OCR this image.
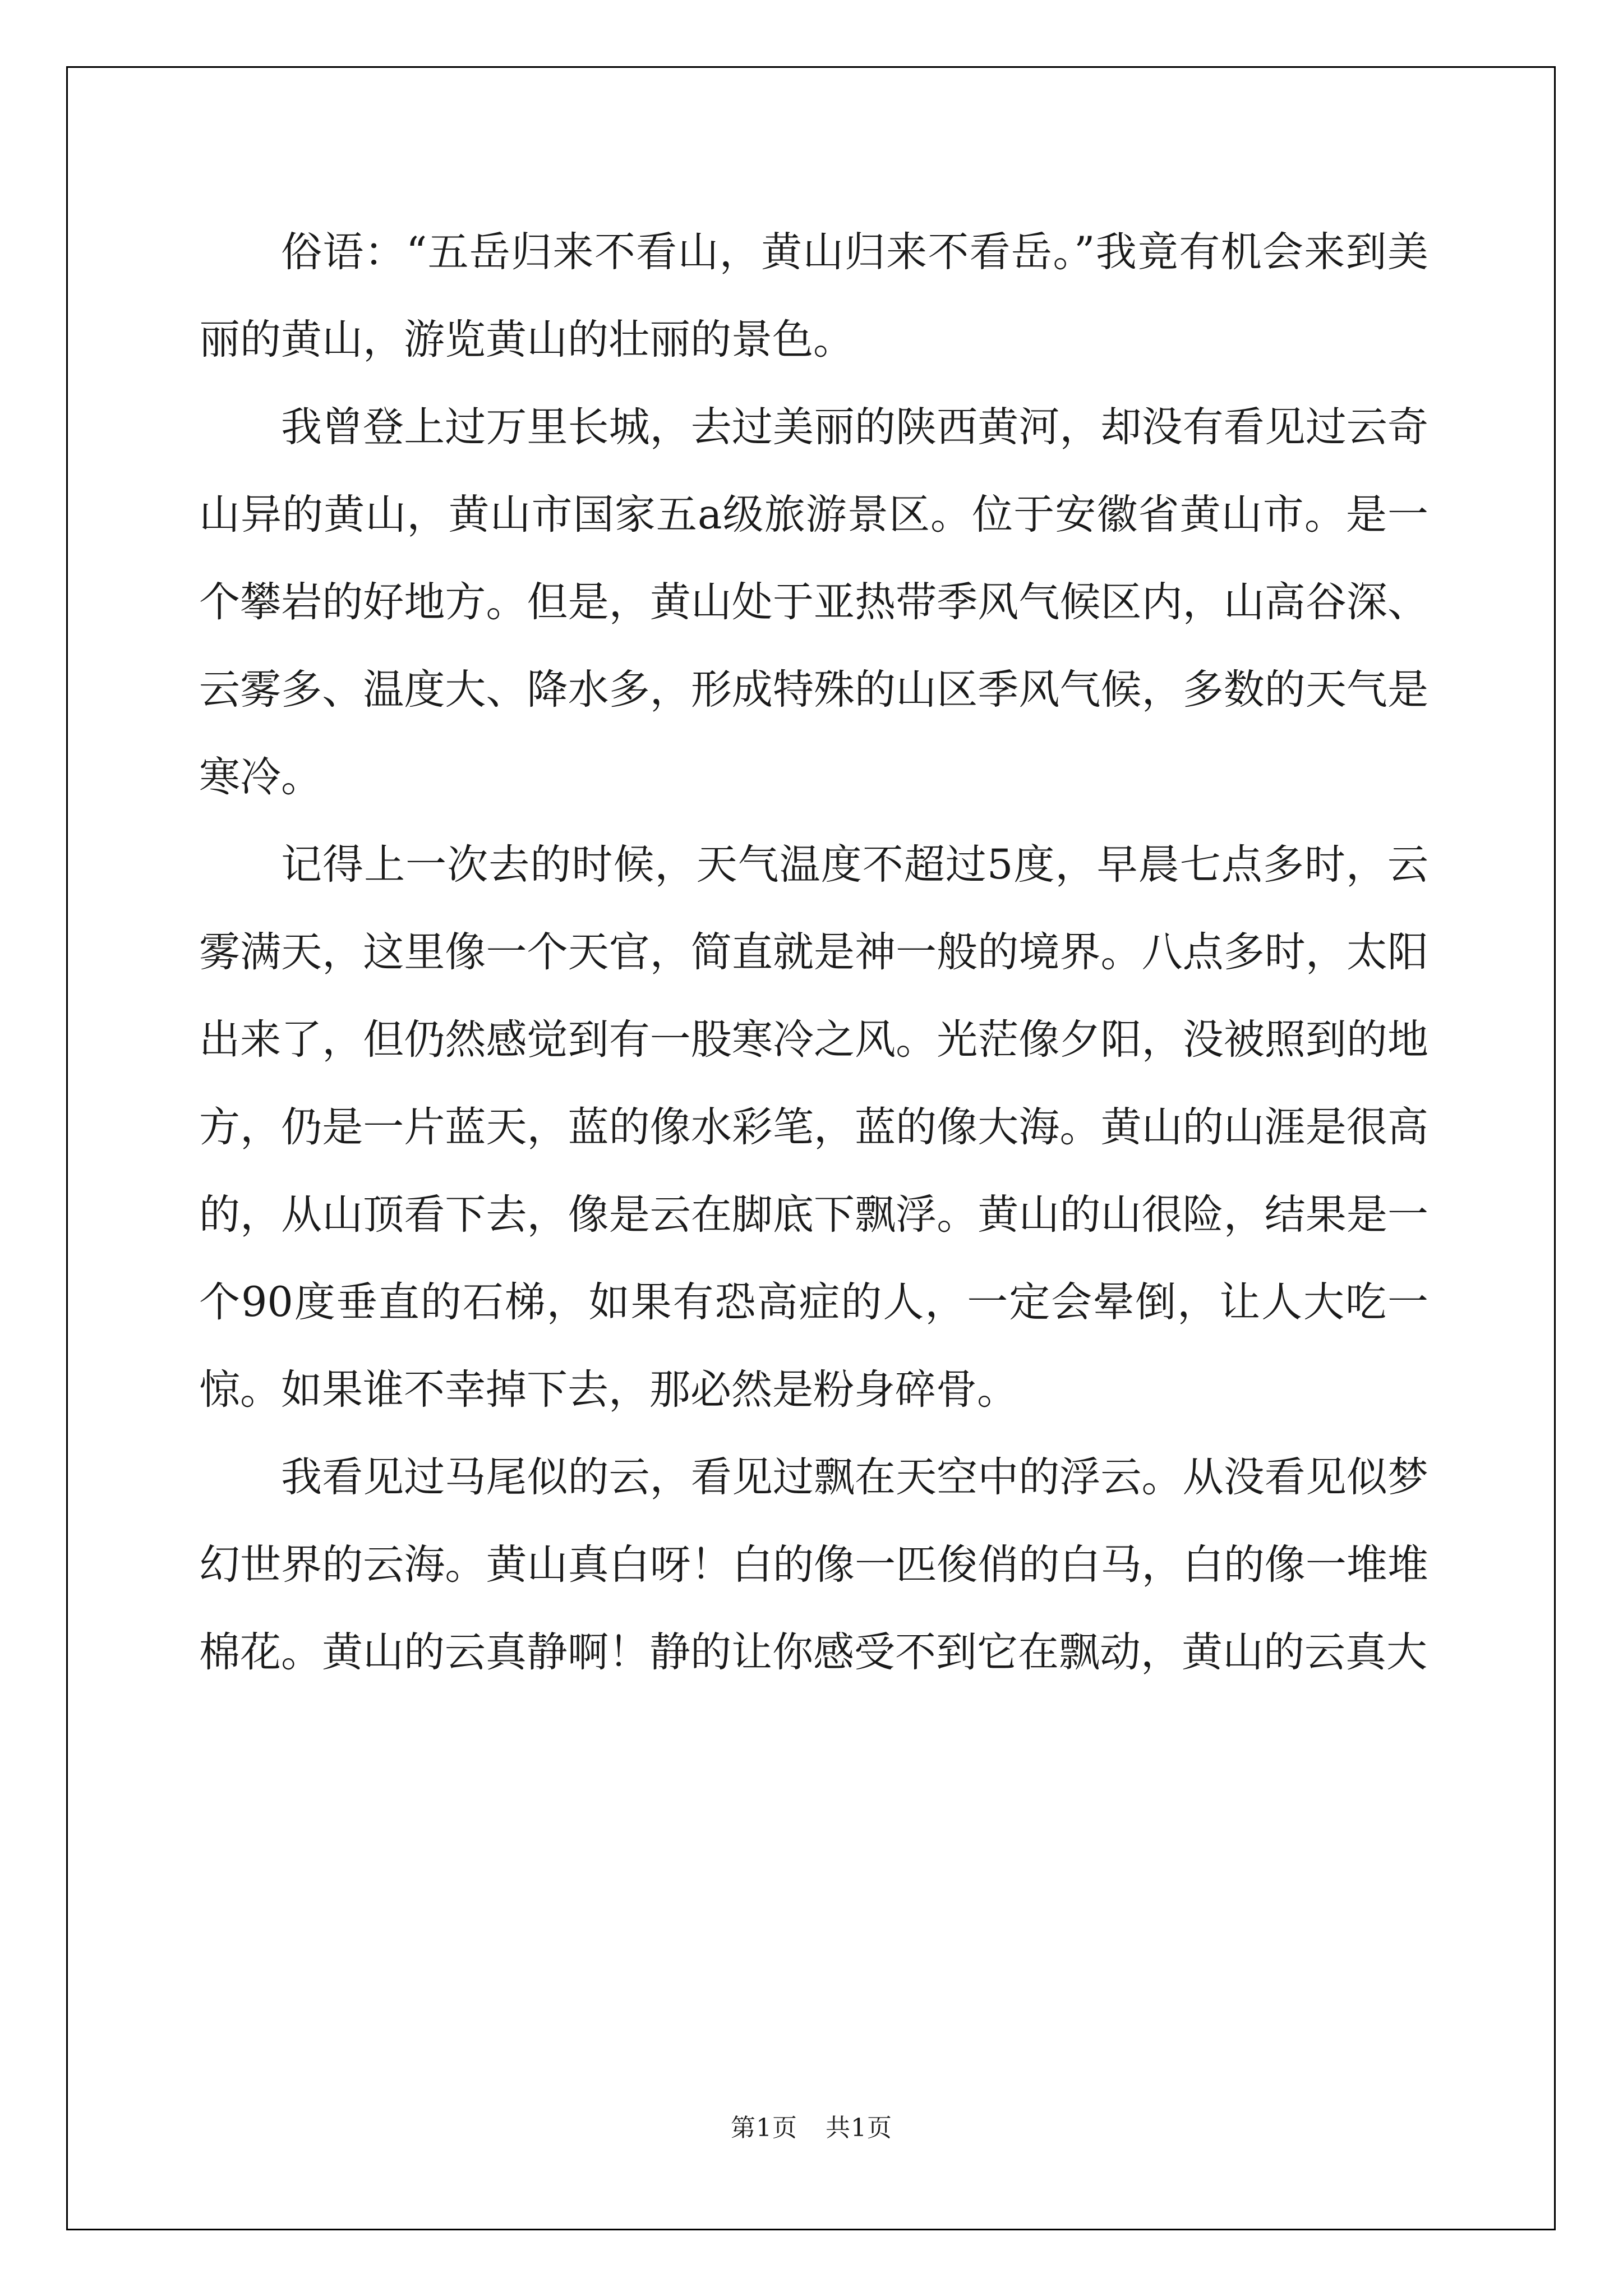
俗语：“五岳归来不看山，黄山归来不看岳。”我竟有机会来到美丽的黄山，游览黄山的壮丽的景色。

我曾登上过万里长城，去过美丽的陕西黄河，却没有看见过云奇山异的黄山，黄山市国家五a级旅游景区。位于安徽省黄山市。是一个攀岩的好地方。但是，黄山处于亚热带季风气候区内，山高谷深、云雾多、温度大、降水多，形成特殊的山区季风气候，多数的天气是寒冷。

记得上一次去的时候，天气温度不超过5度，早晨七点多时，云雾满天，这里像一个天官，简直就是神一般的境界。八点多时，太阳出来了，但仍然感觉到有一股寒冷之风。光茫像夕阳，没被照到的地方，仍是一片蓝天，蓝的像水彩笔，蓝的像大海。黄山的山涯是很高的，从山顶看下去，像是云在脚底下飘浮。黄山的山很险，结果是一个90度垂直的石梯，如果有恐高症的人，一定会晕倒，让人大吃一惊。如果谁不幸掉下去，那必然是粉身碎骨。

我看见过马尾似的云，看见过飘在天空中的浮云。从没看见似梦幻世界的云海。黄山真白呀！白的像一匹俊俏的白马，白的像一堆堆棉花。黄山的云真静啊！静的让你感受不到它在飘动，黄山的云真大

第1页 共1页
